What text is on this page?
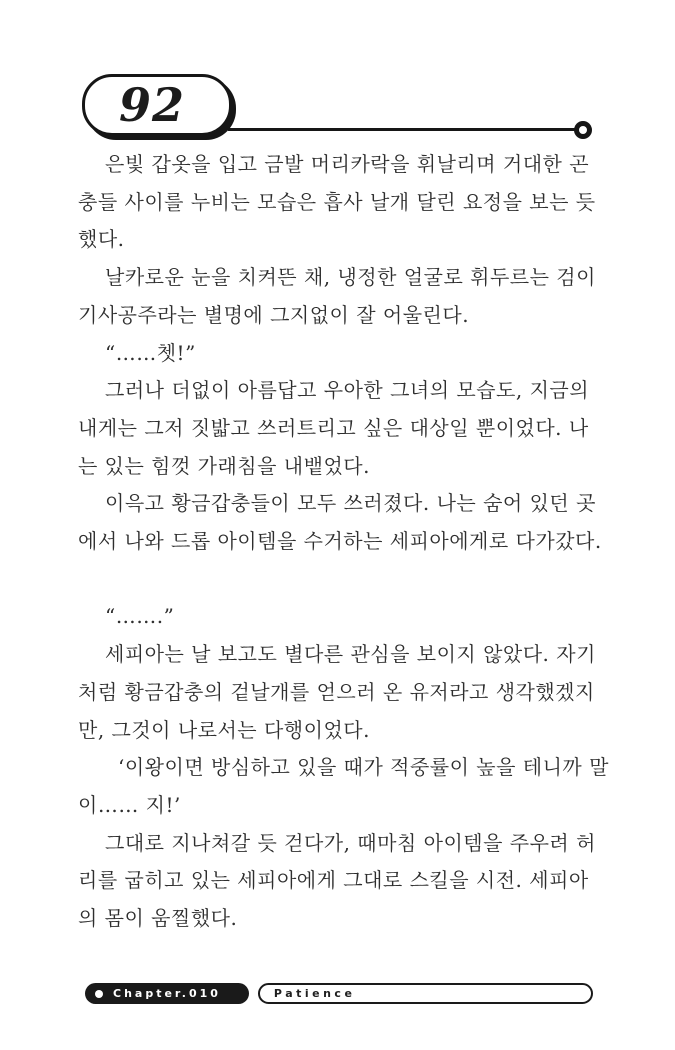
92
은빛 갑옷을 입고 금발 머리카락을 휘날리며 거대한 곤
충들 사이를 누비는 모습은 흡사 날개 달린 요정을 보는 듯
했다.
날카로운 눈을 치켜뜬 채, 냉정한 얼굴로 휘두르는 검이
기사공주라는 별명에 그지없이 잘 어울린다.
“……쳇!”
그러나 더없이 아름답고 우아한 그녀의 모습도, 지금의
내게는 그저 짓밟고 쓰러트리고 싶은 대상일 뿐이었다. 나
는 있는 힘껏 가래침을 내뱉었다.
이윽고 황금갑충들이 모두 쓰러졌다. 나는 숨어 있던 곳
에서 나와 드롭 아이템을 수거하는 세피아에게로 다가갔다.

“…….”
세피아는 날 보고도 별다른 관심을 보이지 않았다. 자기
처럼 황금갑충의 겉날개를 얻으러 온 유저라고 생각했겠지
만, 그것이 나로서는 다행이었다.
‘이왕이면 방심하고 있을 때가 적중률이 높을 테니까 말
이…… 지!’
그대로 지나쳐갈 듯 걷다가, 때마침 아이템을 주우려 허
리를 굽히고 있는 세피아에게 그대로 스킬을 시전. 세피아
의 몸이 움찔했다.
Chapter.010	Patience
